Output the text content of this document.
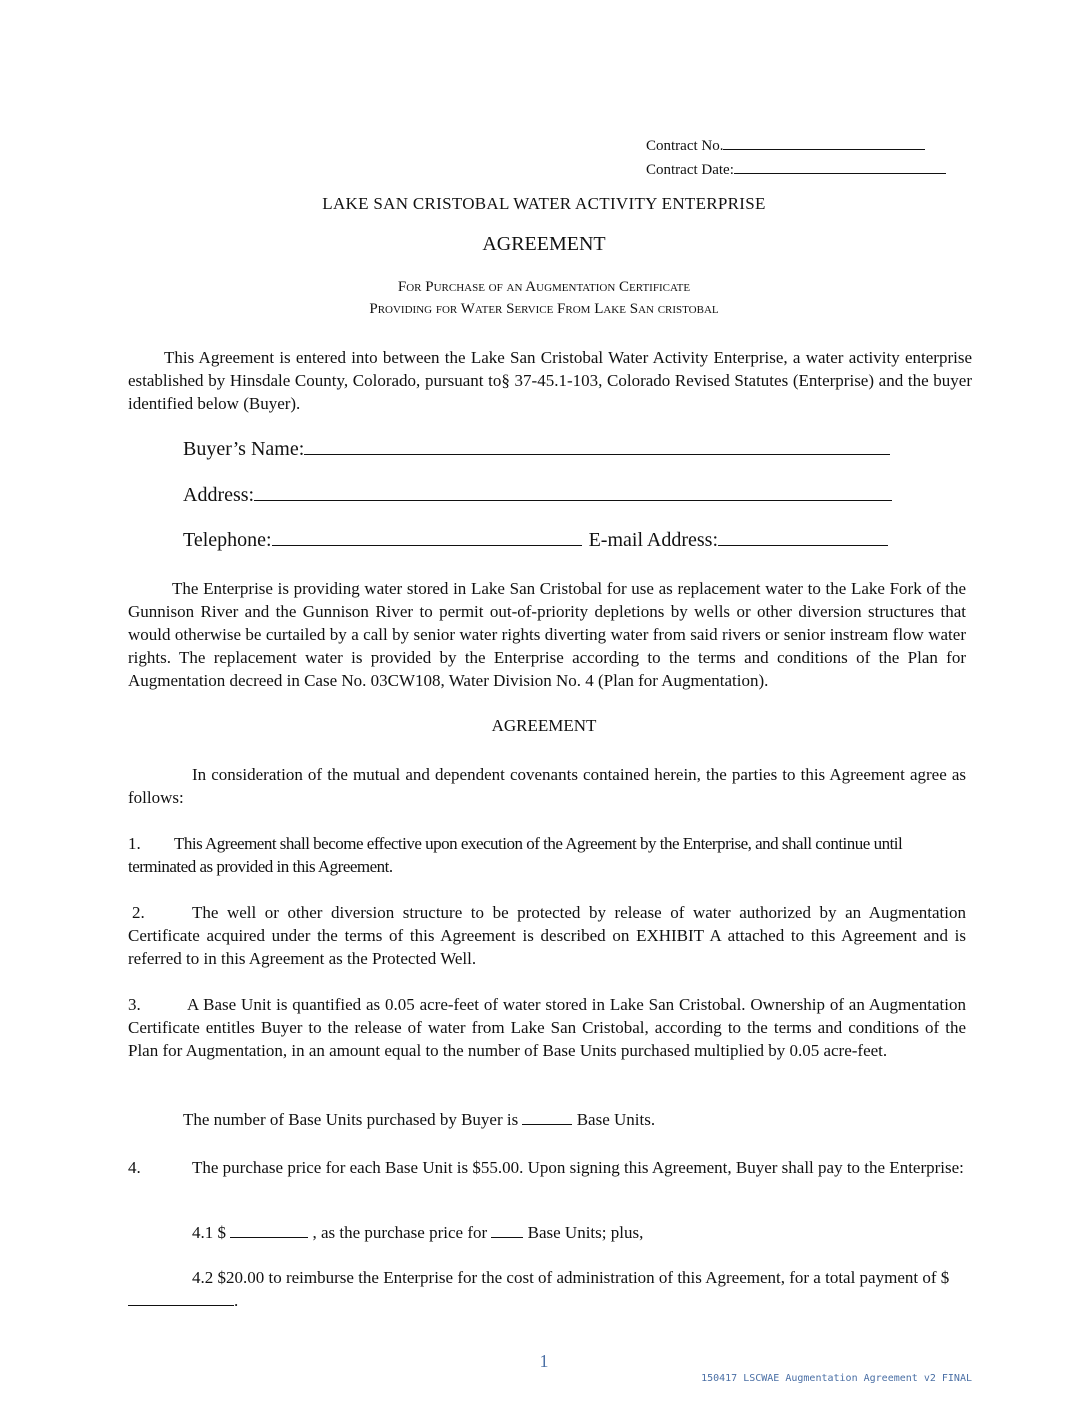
Contract No.
Contract Date:
LAKE SAN CRISTOBAL WATER ACTIVITY ENTERPRISE
AGREEMENT
For Purchase of an Augmentation Certificate
Providing for Water Service From Lake San cristobal
This Agreement is entered into between the Lake San Cristobal Water Activity Enterprise, a water activity enterprise established by Hinsdale County, Colorado, pursuant to§ 37-45.1-103, Colorado Revised Statutes (Enterprise) and the buyer identified below (Buyer).
Buyer’s Name:
Address:
Telephone:	E-mail Address:
The Enterprise is providing water stored in Lake San Cristobal for use as replacement water to the Lake Fork of the Gunnison River and the Gunnison River to permit out-of-priority depletions by wells or other diversion structures that would otherwise be curtailed by a call by senior water rights diverting water from said rivers or senior instream flow water rights. The replacement water is provided by the Enterprise according to the terms and conditions of the Plan for Augmentation decreed in Case No. 03CW108, Water Division No. 4 (Plan for Augmentation).
AGREEMENT
In consideration of the mutual and dependent covenants contained herein, the parties to this Agreement agree as follows:
1. This Agreement shall become effective upon execution of the Agreement by the Enterprise, and shall continue until terminated as provided in this Agreement.
2.	The well or other diversion structure to be protected by release of water authorized by an Augmentation Certificate acquired under the terms of this Agreement is described on EXHIBIT A attached to this Agreement and is referred to in this Agreement as the Protected Well.
3.	A Base Unit is quantified as 0.05 acre-feet of water stored in Lake San Cristobal. Ownership of an Augmentation Certificate entitles Buyer to the release of water from Lake San Cristobal, according to the terms and conditions of the Plan for Augmentation, in an amount equal to the number of Base Units purchased multiplied by 0.05 acre-feet.
The number of Base Units purchased by Buyer is	Base Units.
4.	The purchase price for each Base Unit is $55.00. Upon signing this Agreement, Buyer shall pay to the Enterprise:
4.1 $	, as the purchase price for Base Units; plus,
4.2 $20.00 to reimburse the Enterprise for the cost of administration of this Agreement, for a total payment of $ .
1
150417 LSCWAE Augmentation Agreement v2 FINAL
